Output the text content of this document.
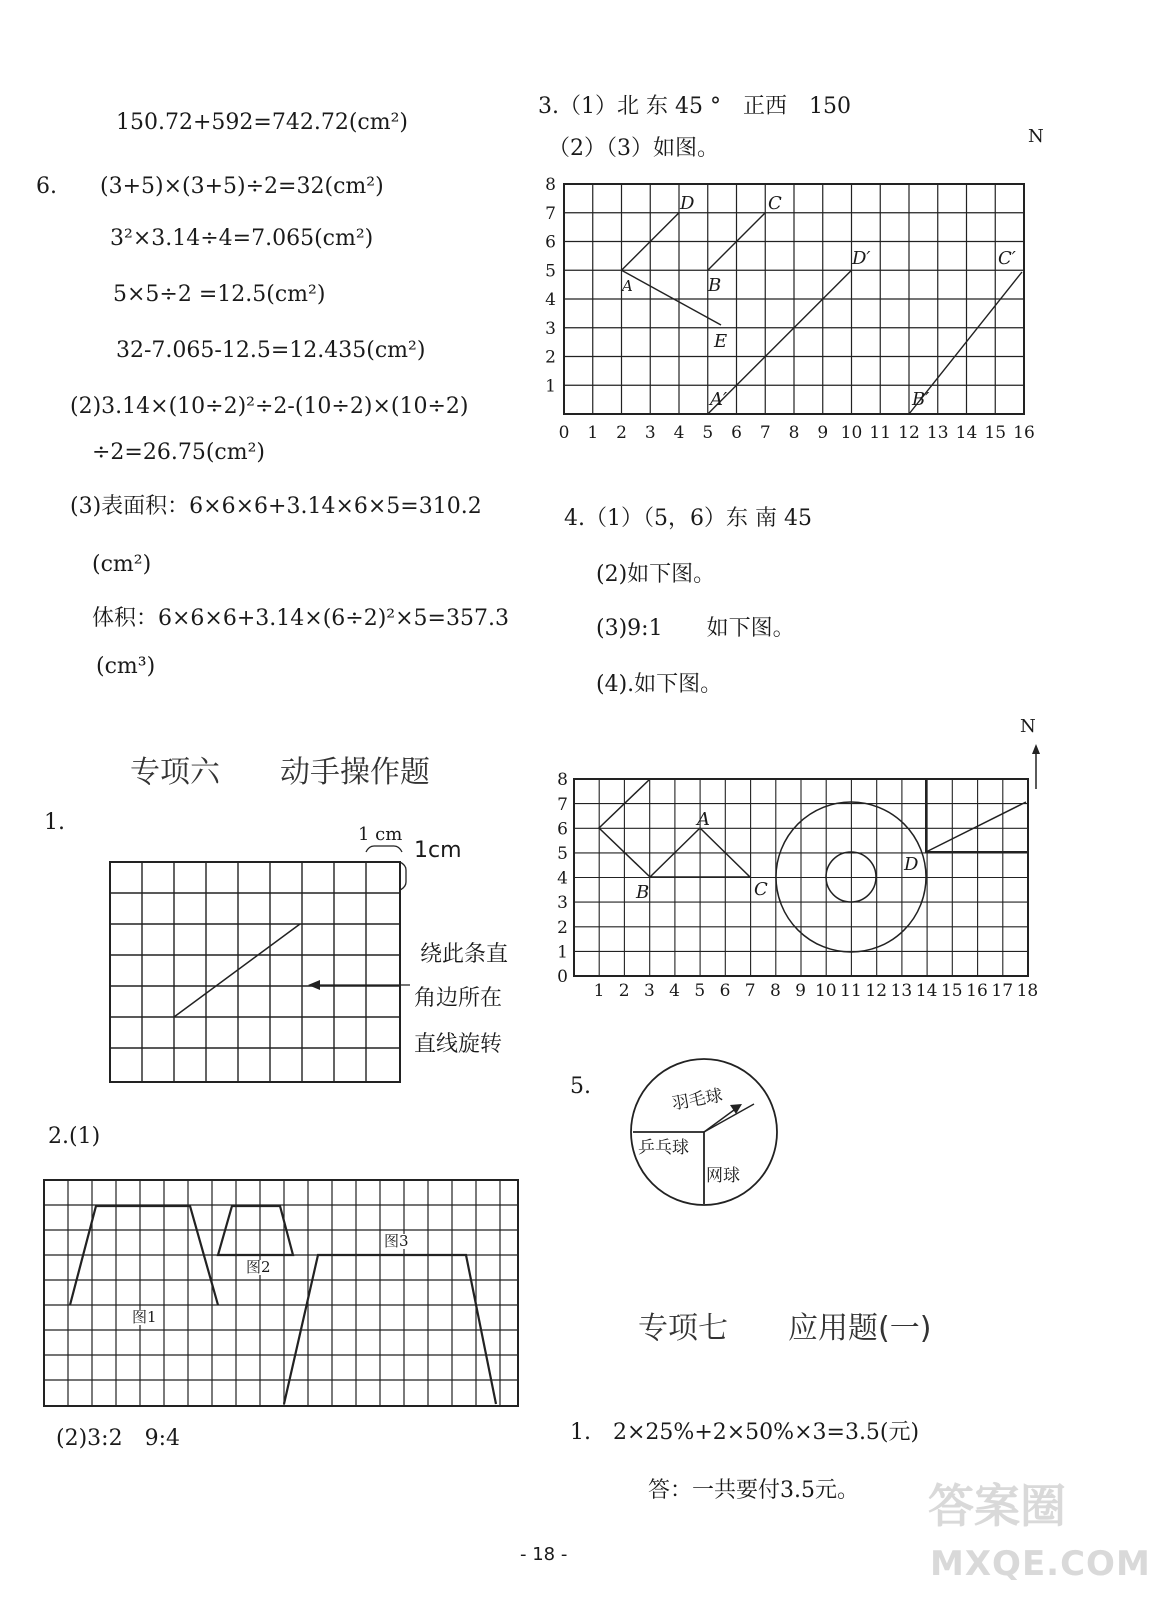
150.72+592=742.72(cm²)
6. (3+5)×(3+5)÷2=32(cm²)
3²×3.14÷4=7.065(cm²)
5×5÷2 =12.5(cm²)
32-7.065-12.5=12.435(cm²)
(2)3.14×(10÷2)²÷2-(10÷2)×(10÷2)
÷2=26.75(cm²)
(3)表面积：6×6×6+3.14×6×5=310.2
(cm²)
体积：6×6×6+3.14×(6÷2)²×5=357.3
(cm³)
专项六　　动手操作题
1.	1 cm
1cm
绕此条直
角边所在
直线旋转
2.(1)
图1
图2
图3
(2)3:2　9:4
3.（1）北 东 45 °　正西　150
（2）（3）如图。	N
D	C
A	B
E
D′	C′
A′	B′
0 1 2 3 4 5 6 7 8 9 10 11 12 13 14 15 16
1
2
3
4
5
6
7
8
4.（1）（5，6）东 南 45
(2)如下图。
(3)9:1　　如下图。
(4).如下图。
N
A
B	C
D
1 2 3 4 5 6 7 8 9 10 11 12 13 14 15 16 17 18
0
1
2
3
4
5
6
7
8
5.	羽毛球
乒乓球
网球
专项七　　应用题(一)
1.　2×25%+2×50%×3=3.5(元)
答：一共要付3.5元。
- 18 -
答案圈
MXQE.COM
